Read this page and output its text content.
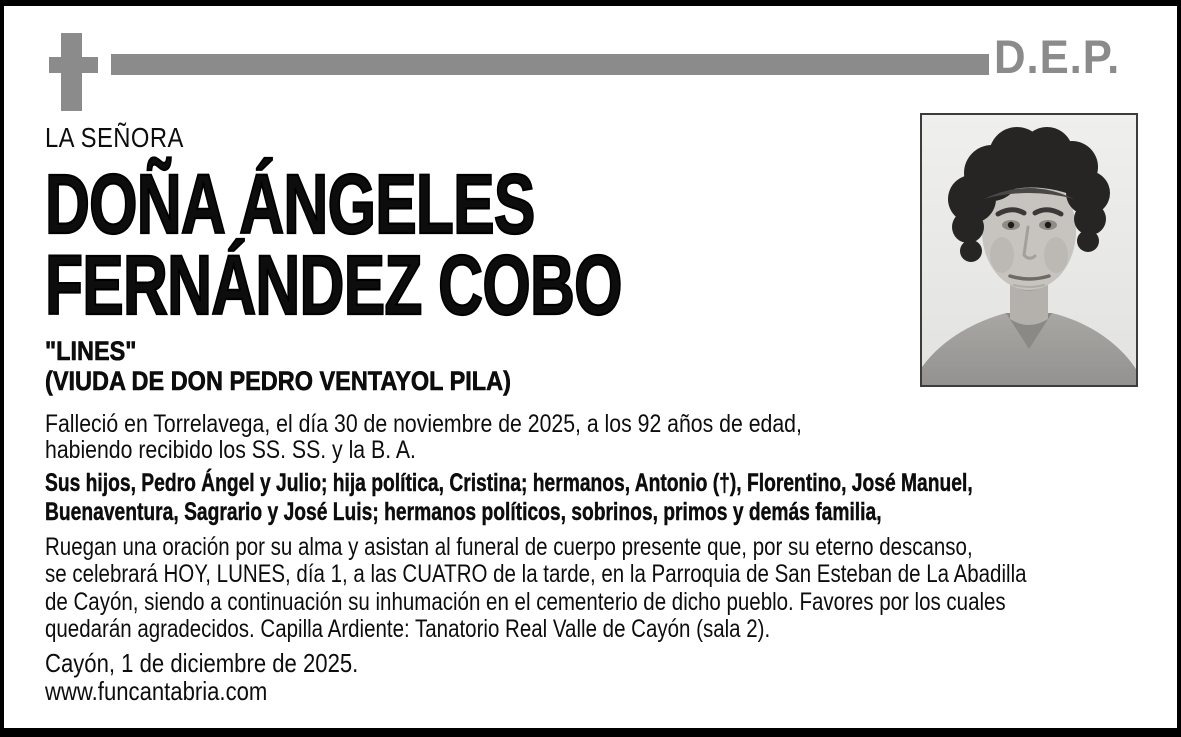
D.E.P.
LA SEÑORA
DOÑA ÁNGELES
FERNÁNDEZ COBO
"LINES"
(VIUDA DE DON PEDRO VENTAYOL PILA)
Falleció en Torrelavega, el día 30 de noviembre de 2025, a los 92 años de edad,
habiendo recibido los SS. SS. y la B. A.
Sus hijos, Pedro Ángel y Julio; hija política, Cristina; hermanos, Antonio (†), Florentino, José Manuel,
Buenaventura, Sagrario y José Luis; hermanos políticos, sobrinos, primos y demás familia,
Ruegan una oración por su alma y asistan al funeral de cuerpo presente que, por su eterno descanso,
se celebrará HOY, LUNES, día 1, a las CUATRO de la tarde, en la Parroquia de San Esteban de La Abadilla
de Cayón, siendo a continuación su inhumación en el cementerio de dicho pueblo. Favores por los cuales
quedarán agradecidos. Capilla Ardiente: Tanatorio Real Valle de Cayón (sala 2).
Cayón, 1 de diciembre de 2025.
www.funcantabria.com
